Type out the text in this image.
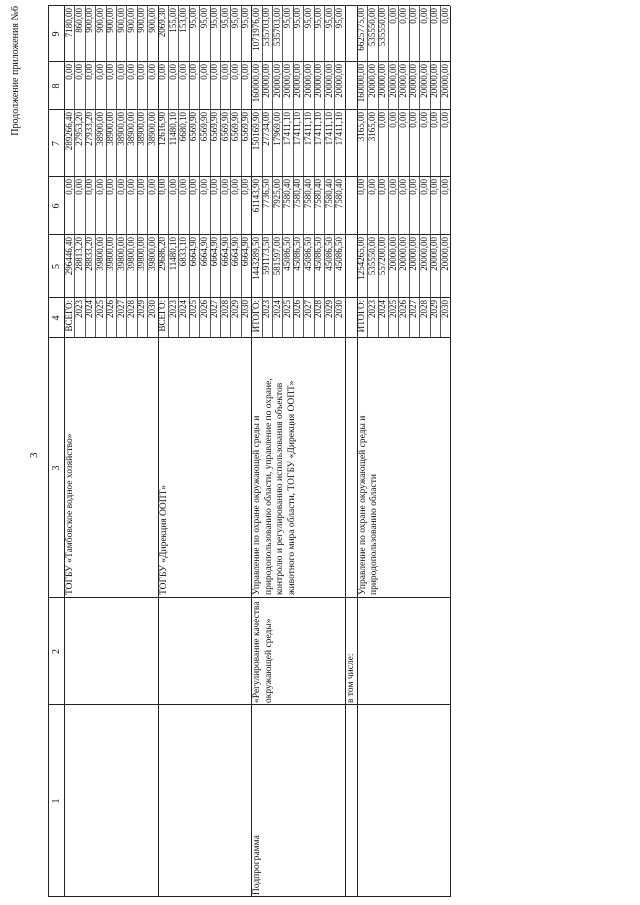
3
Продолжение приложения №6
1
2
3
4
5
6
7
8
9
ТОГБУ «Тамбовское водное хозяйство»
ВСЕГО:
296446,40
0,00
289266,40
0,00
7180,00
2023
28813,20
0,00
27953,20
0,00
860,00
2024
28833,20
0,00
27933,20
0,00
900,00
2025
39800,00
0,00
38900,00
0,00
900,00
2026
39800,00
0,00
38900,00
0,00
900,00
2027
39800,00
0,00
38900,00
0,00
900,00
2028
39800,00
0,00
38900,00
0,00
900,00
2029
39800,00
0,00
38900,00
0,00
900,00
2030
39800,00
0,00
38900,00
0,00
900,00
ТОГБУ «Дирекция ООПТ»
ВСЕГО:
29686,20
0,00
12616,90
0,00
2069,30
2023
11480,10
0,00
11480,10
0,00
155,00
2024
6833,10
0,00
6680,10
0,00
153,00
2025
6664,90
0,00
6569,90
0,00
95,00
2026
6664,90
0,00
6569,90
0,00
95,00
2027
6664,90
0,00
6569,90
0,00
95,00
2028
6664,90
0,00
6569,90
0,00
95,00
2029
6664,90
0,00
6569,90
0,00
95,00
2030
6664,90
0,00
6569,90
0,00
95,00
Подпрограмма
«Регулирование качества окружающей среды»
Управление по охране окружающей среды и природопользованию области, управление по охране, контролю и регулированию использования объектов животного мира области, ТОГБУ «Дирекция ООПТ»
ИТОГО:
1443289,50
61143,90
150169,90
160000,00
1071976,00
2023
591173,50
7736,50
27734,00
20000,00
535703,00
2024
581597,00
7925,00
17969,00
20000,00
535703,00
2025
45086,50
7580,40
17411,10
20000,00
95,00
2026
45086,50
7580,40
17411,10
20000,00
95,00
2027
45086,50
7580,40
17411,10
20000,00
95,00
2028
45086,50
7580,40
17411,10
20000,00
95,00
2029
45086,50
7580,40
17411,10
20000,00
95,00
2030
45086,50
7580,40
17411,10
20000,00
95,00
в том числе:
Управление по охране окружающей среды и природопользованию области
ИТОГО:
1254265,00
0,00
3165,00
160000,00
6625775,00
2023
535550,00
0,00
3165,00
20000,00
535550,00
2024
557200,00
0,00
0,00
20000,00
535550,00
2025
20000,00
0,00
0,00
20000,00
0,00
2026
20000,00
0,00
0,00
20000,00
0,00
2027
20000,00
0,00
0,00
20000,00
0,00
2028
20000,00
0,00
0,00
20000,00
0,00
2029
20000,00
0,00
0,00
20000,00
0,00
2030
20000,00
0,00
0,00
20000,00
0,00
